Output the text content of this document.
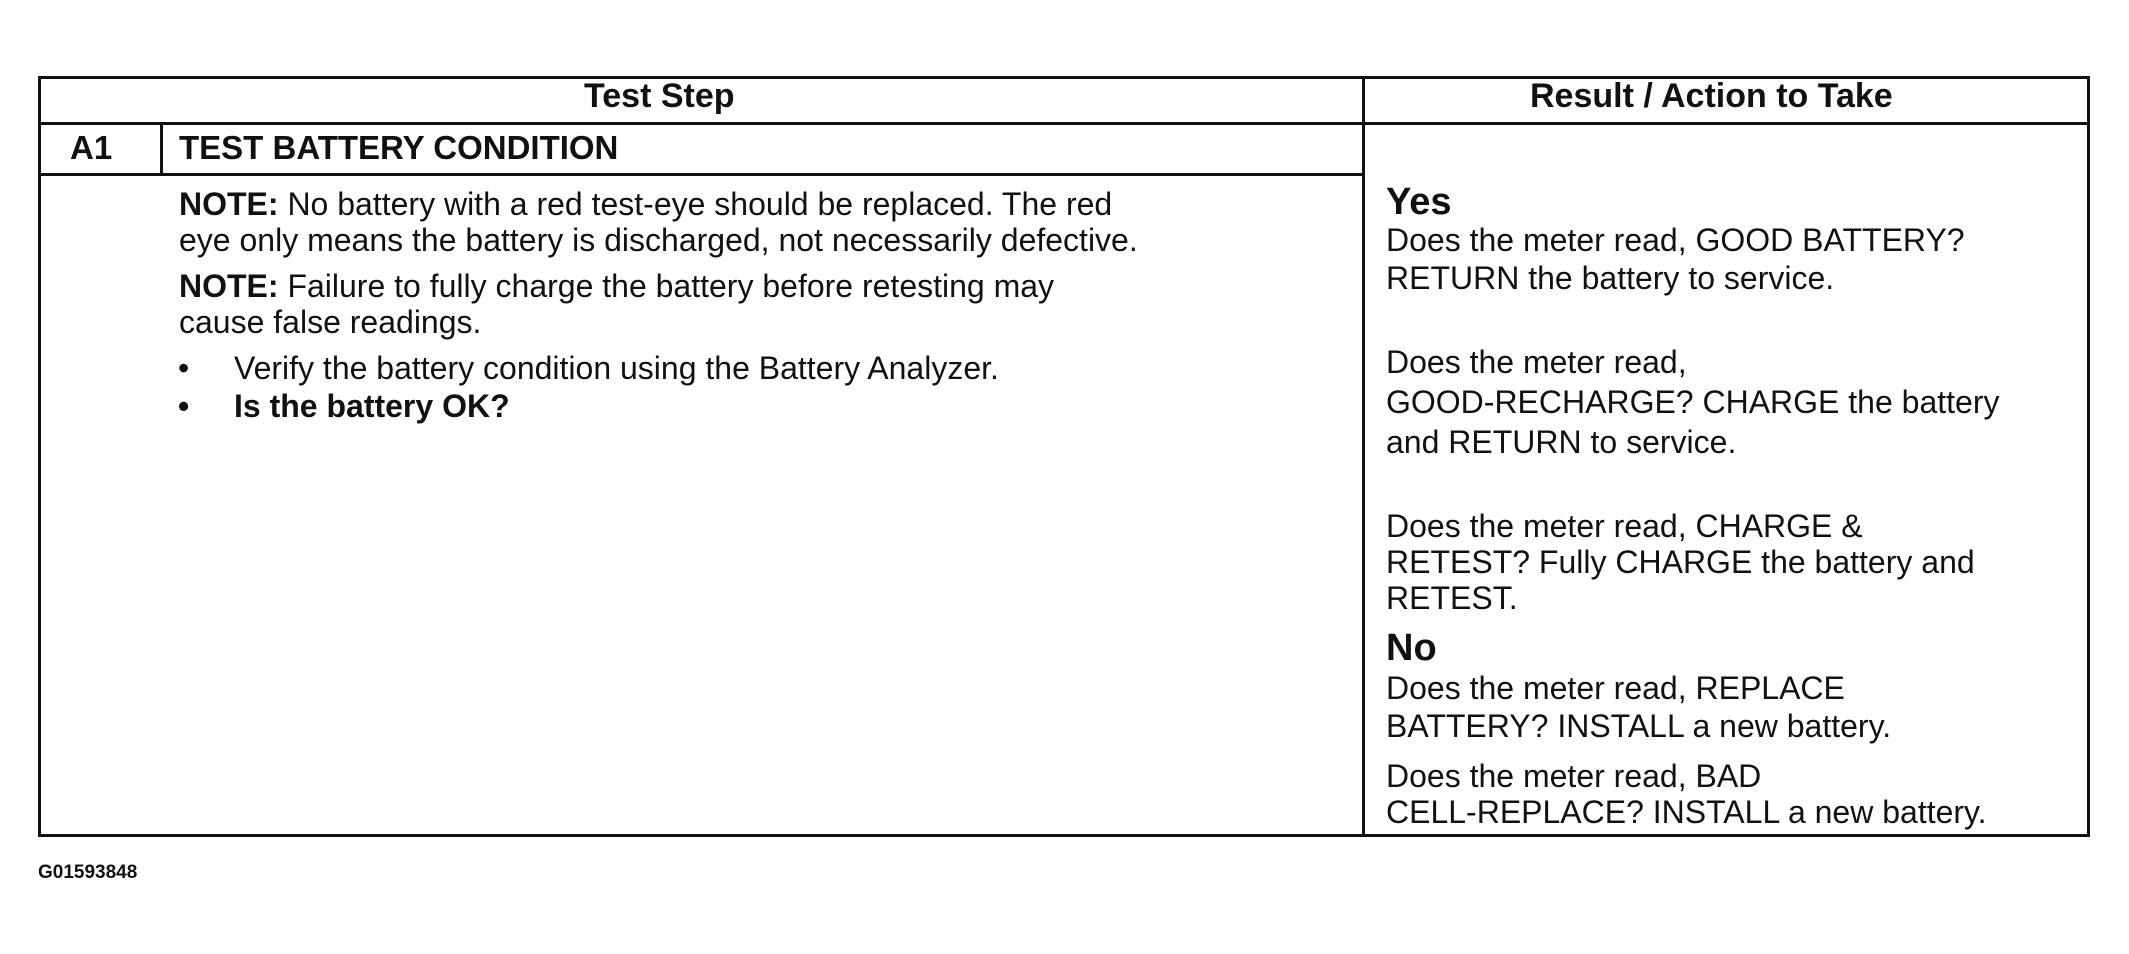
Test Step	Result / Action to Take
A1 TEST BATTERY CONDITION
NOTE: No battery with a red test-eye should be replaced. The red
eye only means the battery is discharged, not necessarily defective.
NOTE: Failure to fully charge the battery before retesting may
cause false readings.
• Verify the battery condition using the Battery Analyzer.
• Is the battery OK?
Yes
Does the meter read, GOOD BATTERY?
RETURN the battery to service.
Does the meter read,
GOOD-RECHARGE? CHARGE the battery
and RETURN to service.
Does the meter read, CHARGE &
RETEST? Fully CHARGE the battery and
RETEST.
No
Does the meter read, REPLACE
BATTERY? INSTALL a new battery.
Does the meter read, BAD
CELL-REPLACE? INSTALL a new battery.
G01593848
